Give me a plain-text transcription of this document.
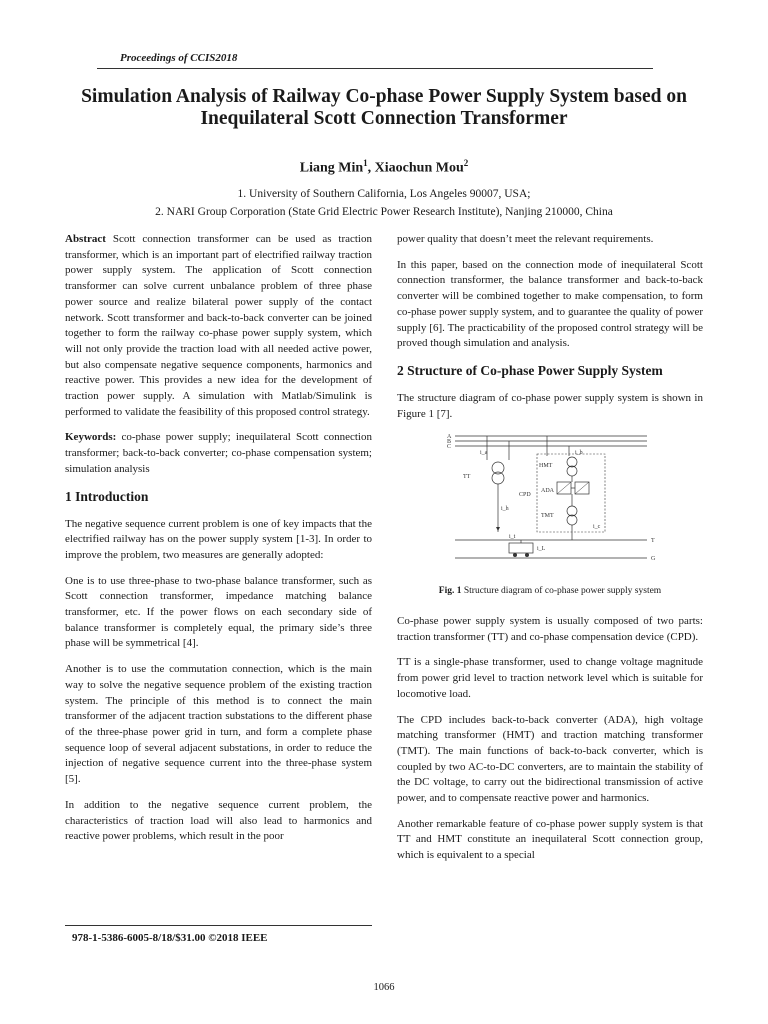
Proceedings of CCIS2018
Simulation Analysis of Railway Co-phase Power Supply System based on Inequilateral Scott Connection Transformer
Liang Min$^1$, Xiaochun Mou$^2$
1. University of Southern California, Los Angeles 90007, USA;
2. NARI Group Corporation (State Grid Electric Power Research Institute), Nanjing 210000, China

Abstract Scott connection transformer can be used as traction transformer, which is an important part of electrified railway traction power supply system. The application of Scott connection transformer can solve current unbalance problem of three phase power source and realize bilateral power supply of the contact network. Scott transformer and back-to-back converter can be joined together to form the railway co-phase power supply system, which will not only provide the traction load with all needed active power, but also compensate negative sequence components, harmonics and reactive power. This provides a new idea for the development of traction power supply. A simulation with Matlab/Simulink is performed to validate the feasibility of this proposed control strategy.

Keywords: co-phase power supply; inequilateral Scott connection transformer; back-to-back converter; co-phase compensation system; simulation analysis

1 Introduction

The negative sequence current problem is one of key impacts that the electrified railway has on the power supply system [1-3]. In order to improve the problem, two measures are generally adopted:

One is to use three-phase to two-phase balance transformer, such as Scott connection transformer, impedance matching balance transformer, etc. If the power flows on each secondary side of balance transformer is completely equal, the primary side’s three phase will be symmetrical [4].

Another is to use the commutation connection, which is the main way to solve the negative sequence problem of the existing traction system. The principle of this method is to connect the main transformer of the adjacent traction substations to the different phase of the three-phase power grid in turn, and form a complete phase sequence loop of several adjacent substations, in order to reduce the injection of negative sequence current into the three-phase system [5].

In addition to the negative sequence current problem, the characteristics of traction load will also lead to harmonics and reactive power problems, which result in the poor

power quality that doesn’t meet the relevant requirements.

In this paper, based on the connection mode of inequilateral Scott connection transformer, the balance transformer and back-to-back converter will be combined together to make compensation, to form co-phase power supply system, and to guarantee the quality of power supply [6]. The practicability of the proposed control strategy will be proved though simulation and analysis.

2 Structure of Co-phase Power Supply System

The structure diagram of co-phase power supply system is shown in Figure 1 [7].

A
B
C
i_a	i_b
TT
i_h
CPD
HMT
ADA
TMT
i_c
T
G
i_t
i_L
Fig. 1 Structure diagram of co-phase power supply system

Co-phase power supply system is usually composed of two parts: traction transformer (TT) and co-phase compensation device (CPD).

TT is a single-phase transformer, used to change voltage magnitude from power grid level to traction network level which is suitable for locomotive load.

The CPD includes back-to-back converter (ADA), high voltage matching transformer (HMT) and traction matching transformer (TMT). The main functions of back-to-back converter, which is coupled by two AC-to-DC converters, are to maintain the stability of the DC voltage, to carry out the bidirectional transmission of active power, and to compensate reactive power and harmonics.

Another remarkable feature of co-phase power supply system is that TT and HMT constitute an inequilateral Scott connection group, which is equivalent to a special

978-1-5386-6005-8/18/$31.00 ©2018 IEEE
1066
